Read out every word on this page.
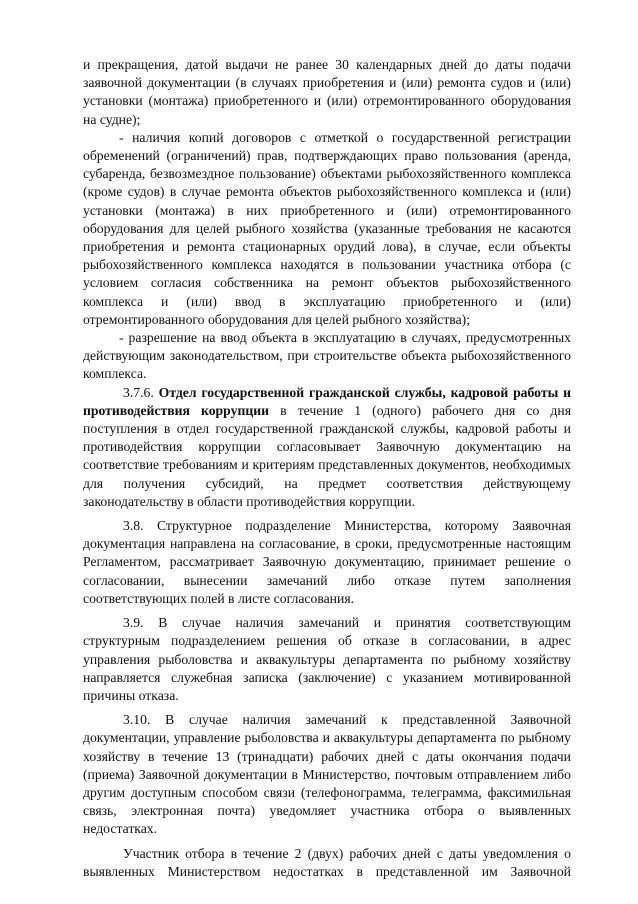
и прекращения, датой выдачи не ранее 30 календарных дней до даты подачи заявочной документации (в случаях приобретения и (или) ремонта судов и (или) установки (монтажа) приобретенного и (или) отремонтированного оборудования на судне);

- наличия копий договоров с отметкой о государственной регистрации обременений (ограничений) прав, подтверждающих право пользования (аренда, субаренда, безвозмездное пользование) объектами рыбохозяйственного комплекса (кроме судов) в случае ремонта объектов рыбохозяйственного комплекса и (или) установки (монтажа) в них приобретенного и (или) отремонтированного оборудования для целей рыбного хозяйства (указанные требования не касаются приобретения и ремонта стационарных орудий лова), в случае, если объекты рыбохозяйственного комплекса находятся в пользовании участника отбора (с условием согласия собственника на ремонт объектов рыбохозяйственного комплекса и (или) ввод в эксплуатацию приобретенного и (или) отремонтированного оборудования для целей рыбного хозяйства);

- разрешение на ввод объекта в эксплуатацию в случаях, предусмотренных действующим законодательством, при строительстве объекта рыбохозяйственного комплекса.

3.7.6. Отдел государственной гражданской службы, кадровой работы и противодействия коррупции в течение 1 (одного) рабочего дня со дня поступления в отдел государственной гражданской службы, кадровой работы и противодействия коррупции согласовывает Заявочную документацию на соответствие требованиям и критериям представленных документов, необходимых для получения субсидий, на предмет соответствия действующему законодательству в области противодействия коррупции.

3.8. Структурное подразделение Министерства, которому Заявочная документация направлена на согласование, в сроки, предусмотренные настоящим Регламентом, рассматривает Заявочную документацию, принимает решение о согласовании, вынесении замечаний либо отказе путем заполнения соответствующих полей в листе согласования.

3.9. В случае наличия замечаний и принятия соответствующим структурным подразделением решения об отказе в согласовании, в адрес управления рыболовства и аквакультуры департамента по рыбному хозяйству направляется служебная записка (заключение) с указанием мотивированной причины отказа.

3.10. В случае наличия замечаний к представленной Заявочной документации, управление рыболовства и аквакультуры департамента по рыбному хозяйству в течение 13 (тринадцати) рабочих дней с даты окончания подачи (приема) Заявочной документации в Министерство, почтовым отправлением либо другим доступным способом связи (телефонограмма, телеграмма, факсимильная связь, электронная почта) уведомляет участника отбора о выявленных недостатках.

Участник отбора в течение 2 (двух) рабочих дней с даты уведомления о выявленных Министерством недостатках в представленной им Заявочной
